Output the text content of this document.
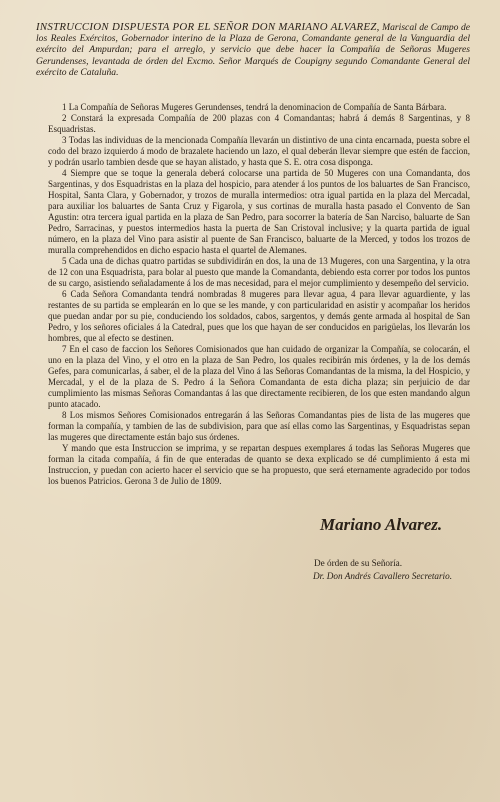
INSTRUCCION DISPUESTA POR EL SEÑOR DON MARIANO ALVAREZ, Mariscal de Campo de los Reales Exércitos, Gobernador interino de la Plaza de Gerona, Comandante general de la Vanguardia del exército del Ampurdan; para el arreglo, y servicio que debe hacer la Compañía de Señoras Mugeres Gerundenses, levantada de órden del Excmo. Señor Marqués de Coupigny segundo Comandante General del exército de Cataluña.

1 La Compañía de Señoras Mugeres Gerundenses, tendrá la denominacion de Compañía de Santa Bárbara.

2 Constará la expresada Compañía de 200 plazas con 4 Comandantas; habrá á demás 8 Sargentinas, y 8 Esquadristas.

3 Todas las individuas de la mencionada Compañía llevarán un distintivo de una cinta encarnada, puesta sobre el codo del brazo izquierdo á modo de brazalete haciendo un lazo, el qual deberán llevar siempre que estén de faccion, y podrán usarlo tambien desde que se hayan alistado, y hasta que S. E. otra cosa disponga.

4 Siempre que se toque la generala deberá colocarse una partida de 50 Mugeres con una Comandanta, dos Sargentinas, y dos Esquadristas en la plaza del hospicio, para atender á los puntos de los baluartes de San Francisco, Hospital, Santa Clara, y Gobernador, y trozos de muralla intermedios: otra igual partida en la plaza del Mercadal, para auxiliar los baluartes de Santa Cruz y Figarola, y sus cortinas de muralla hasta pasado el Convento de San Agustin: otra tercera igual partida en la plaza de San Pedro, para socorrer la batería de San Narciso, baluarte de San Pedro, Sarracinas, y puestos intermedios hasta la puerta de San Cristoval inclusive; y la quarta partida de igual número, en la plaza del Vino para asistir al puente de San Francisco, baluarte de la Merced, y todos los trozos de muralla comprehendidos en dicho espacio hasta el quartel de Alemanes.

5 Cada una de dichas quatro partidas se subdividirán en dos, la una de 13 Mugeres, con una Sargentina, y la otra de 12 con una Esquadrista, para bolar al puesto que mande la Comandanta, debiendo esta correr por todos los puntos de su cargo, asistiendo señaladamente á los de mas necesidad, para el mejor cumplimiento y desempeño del servicio.

6 Cada Señora Comandanta tendrá nombradas 8 mugeres para llevar agua, 4 para llevar aguardiente, y las restantes de su partida se emplearán en lo que se les mande, y con particularidad en asistir y acompañar los heridos que puedan andar por su pie, conduciendo los soldados, cabos, sargentos, y demás gente armada al hospital de San Pedro, y los señores oficiales á la Catedral, pues que los que hayan de ser conducidos en parigüelas, los llevarán los hombres, que al efecto se destinen.

7 En el caso de faccion los Señores Comisionados que han cuidado de organizar la Compañía, se colocarán, el uno en la plaza del Vino, y el otro en la plaza de San Pedro, los quales recibirán mis órdenes, y la de los demás Gefes, para comunicarlas, á saber, el de la plaza del Vino á las Señoras Comandantas de la misma, la del Hospicio, y Mercadal, y el de la plaza de S. Pedro á la Señora Comandanta de esta dicha plaza; sin perjuicio de dar cumplimiento las mismas Señoras Comandantas á las que directamente recibieren, de los que esten mandando algun punto atacado.

8 Los mismos Señores Comisionados entregarán á las Señoras Comandantas pies de lista de las mugeres que forman la compañía, y tambien de las de subdivision, para que así ellas como las Sargentinas, y Esquadristas sepan las mugeres que directamente están bajo sus órdenes.

Y mando que esta Instruccion se imprima, y se repartan despues exemplares á todas las Señoras Mugeres que forman la citada compañía, á fin de que enteradas de quanto se dexa explicado se dé cumplimiento á esta mi Instruccion, y puedan con acierto hacer el servicio que se ha propuesto, que será eternamente agradecido por todos los buenos Patricios. Gerona 3 de Julio de 1809.

Mariano Alvarez.
De órden de su Señoría.
Dr. Don Andrés Cavallero Secretario.
